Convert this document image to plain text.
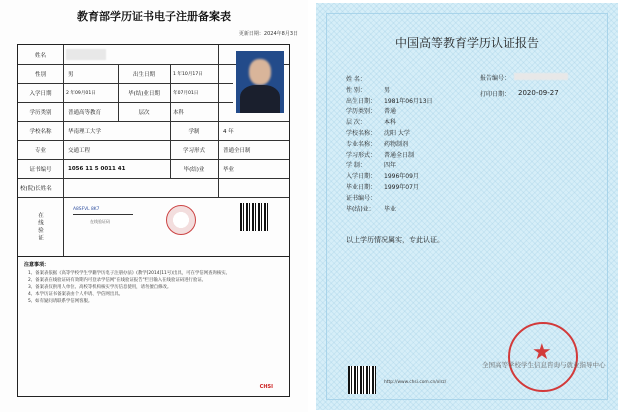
教育部学历证书电子注册备案表
更新日期：2024年8月3日
姓名
性别	男	出生日期	1 年10月17日
入学日期	2 年09月01日	毕(结)业日期	年07月01日
学历类别	普通高等教育	层次	本科
学校名称	华南理工大学	学制	4 年
专业	交通工程	学习形式	普通全日制
证书编号	1056 11 5 0011 41	毕(结)业	毕业
校(院)长姓名
在线验证
A8SFVL 8K7
在线验证码
注意事项：

1、备案表依据《高等学校学生学籍学历电子注册办法》(教学[2014]11号)出具，可在学信网查询核实。

2、备案表在线验证码有效期内可登录学信网"在线验证报告"栏目输入在线验证码进行验证。

3、备案表仅供用人单位、高校等机构核实学历信息使用，请勿擅自修改。

4、本学历证书备案表由个人申请、学信网出具。

5、如有疑问请联系学信网客服。

CHSI
中国高等教育学历认证报告
报告编号：
打印日期： 2020-09-27
姓 名：
性 别：	男
出生日期： 1981年06月13日
学历类别： 普通
层 次：	本科
学校名称： 沈阳 大学
专业名称： 药物制剂
学习形式： 普通全日制
学 制：	四年
入学日期： 1996年09月
毕业日期： 1999年07月
证书编号：
毕(结)业： 毕业
以上学历情况属实，专此认证。
http://www.chsi.com.cn/xlrz/
★
全国高等学校学生信息咨询与就业指导中心
